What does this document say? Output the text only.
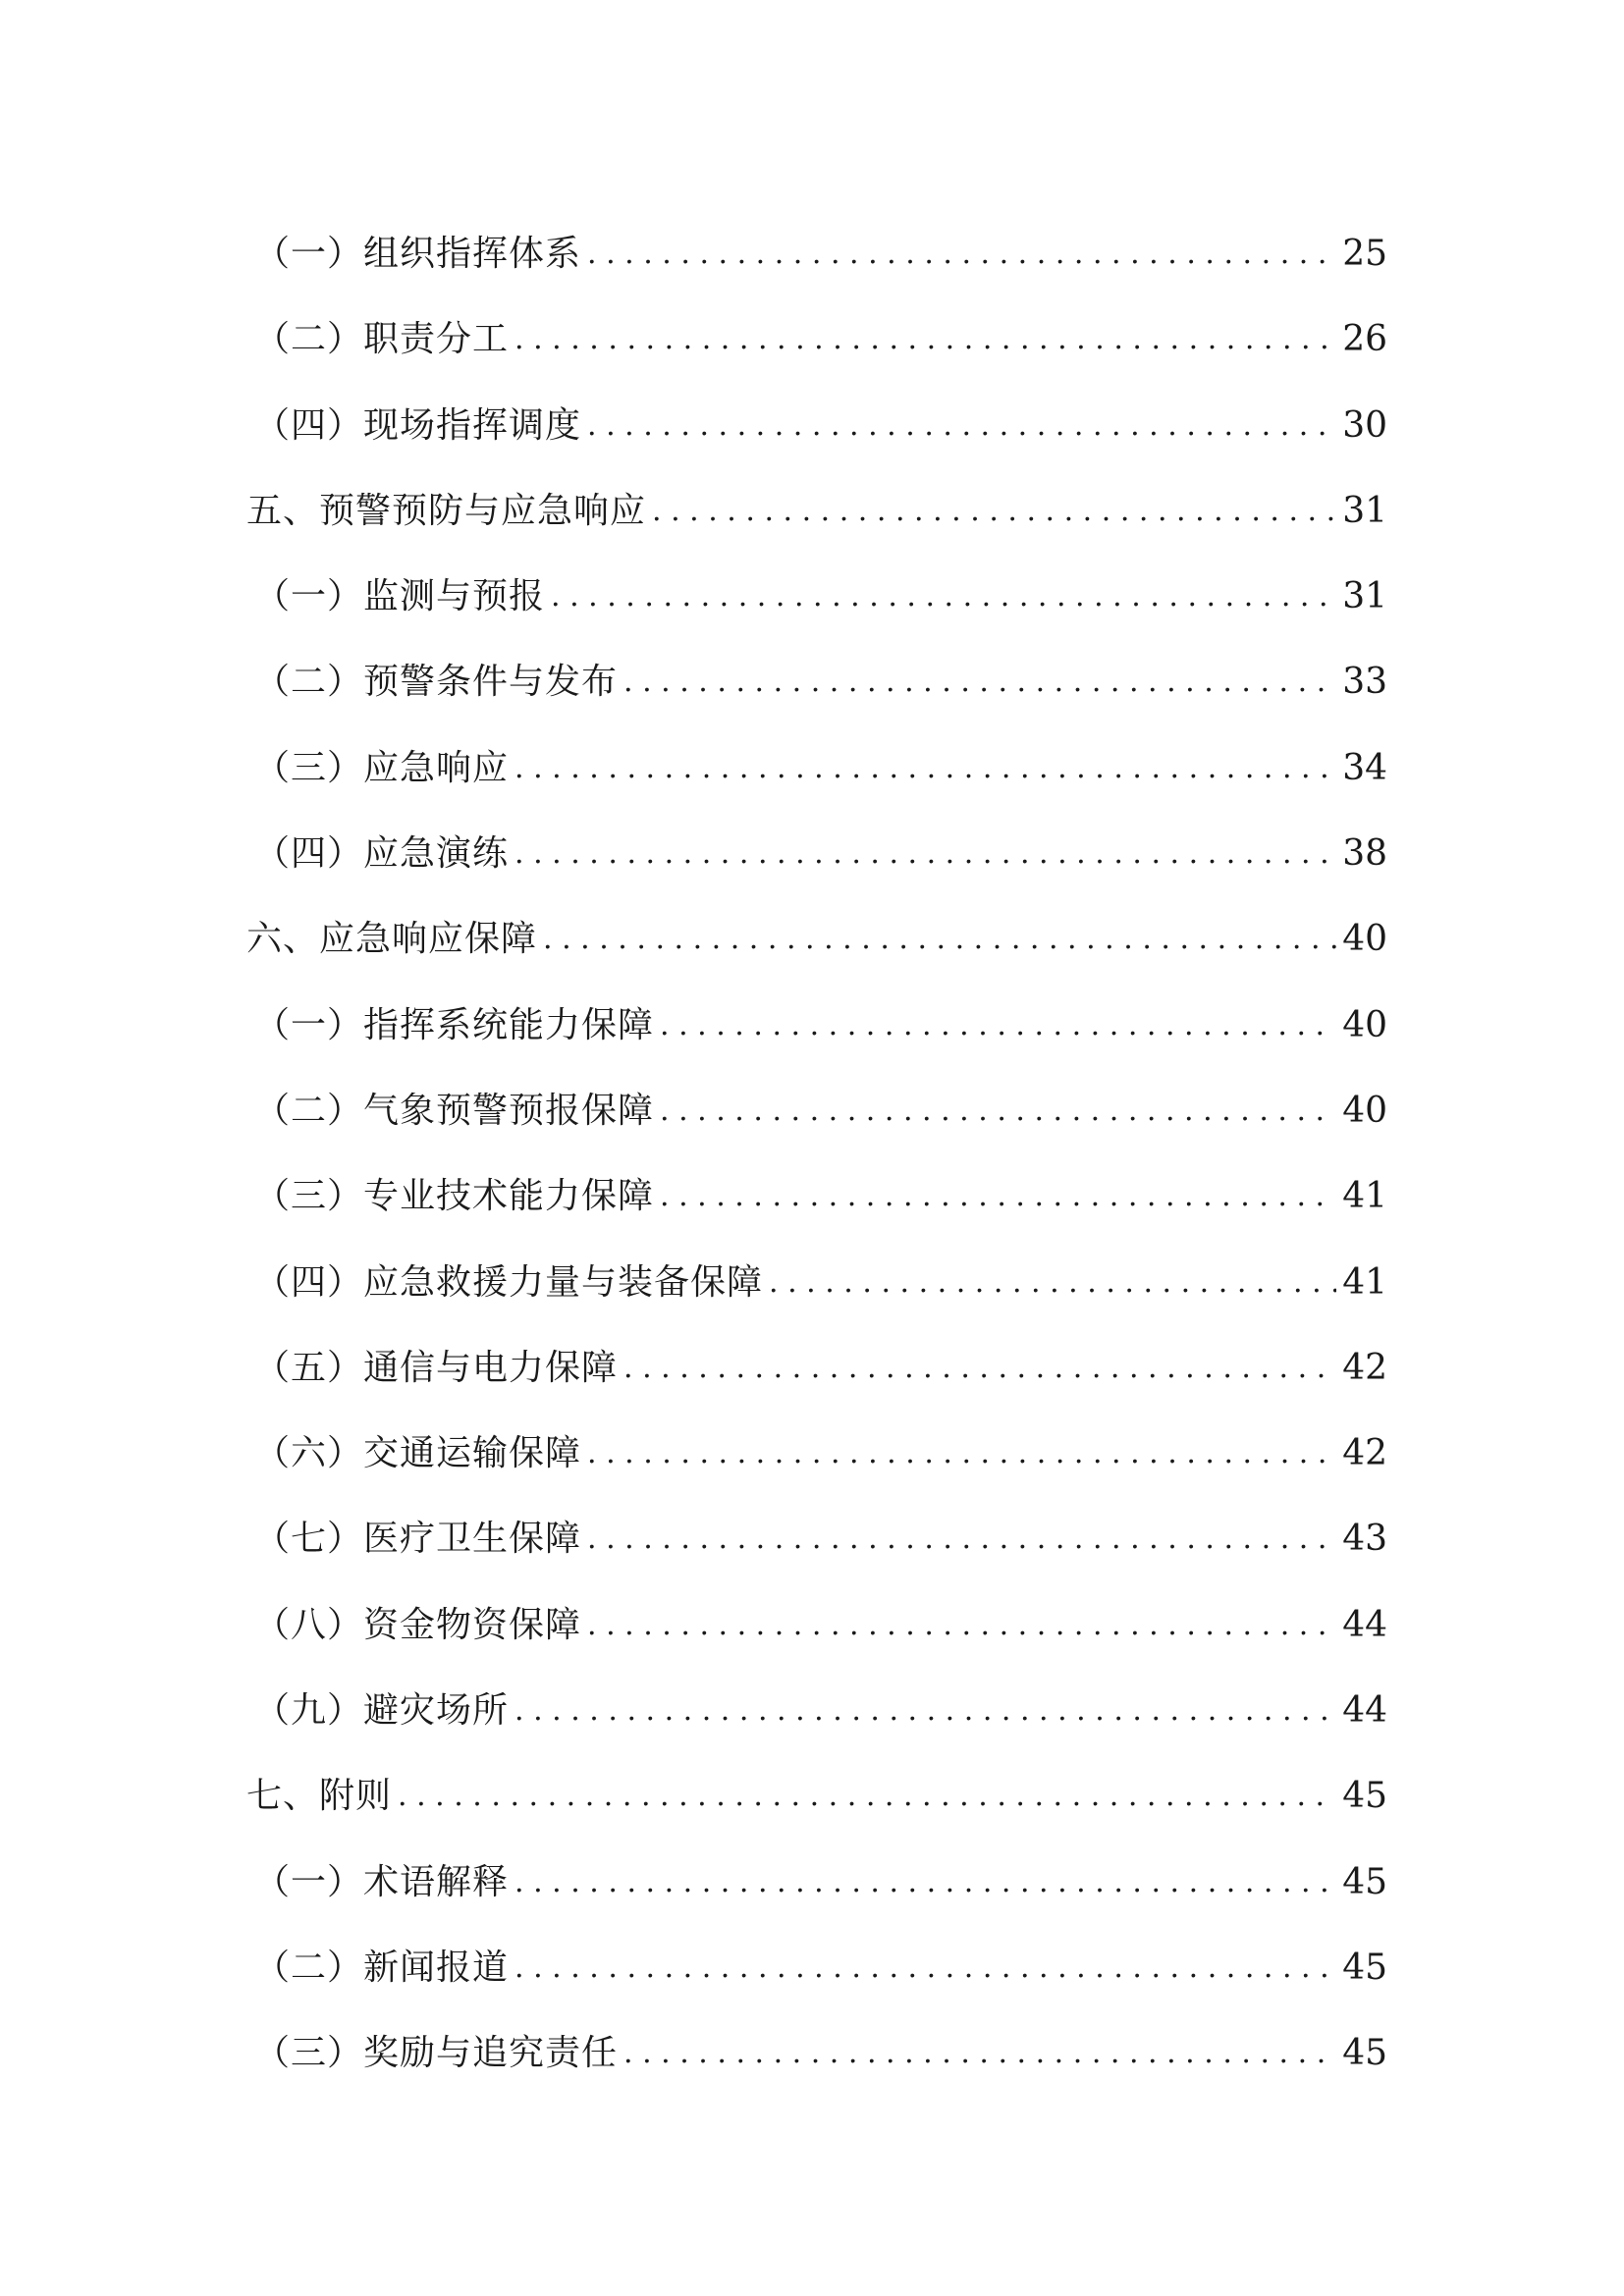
（一）组织指挥体系 . . .	25
（二）职责分工 . . .	26
（四）现场指挥调度 . . .	30
五、预警预防与应急响应 . . .	31
（一）监测与预报 . . .	31
（二）预警条件与发布 . . .	33
（三）应急响应 . . .	34
（四）应急演练 . . .	38
六、应急响应保障 . . .	40
（一）指挥系统能力保障 . . .	40
（二）气象预警预报保障 . . .	40
（三）专业技术能力保障 . . .	41
（四）应急救援力量与装备保障 . . .	41
（五）通信与电力保障 . . .	42
（六）交通运输保障 . . .	42
（七）医疗卫生保障 . . .	43
（八）资金物资保障 . . .	44
（九）避灾场所 . . .	44
七、附则 . . .	45
（一）术语解释 . . .	45
（二）新闻报道 . . .	45
（三）奖励与追究责任 . . .	45
